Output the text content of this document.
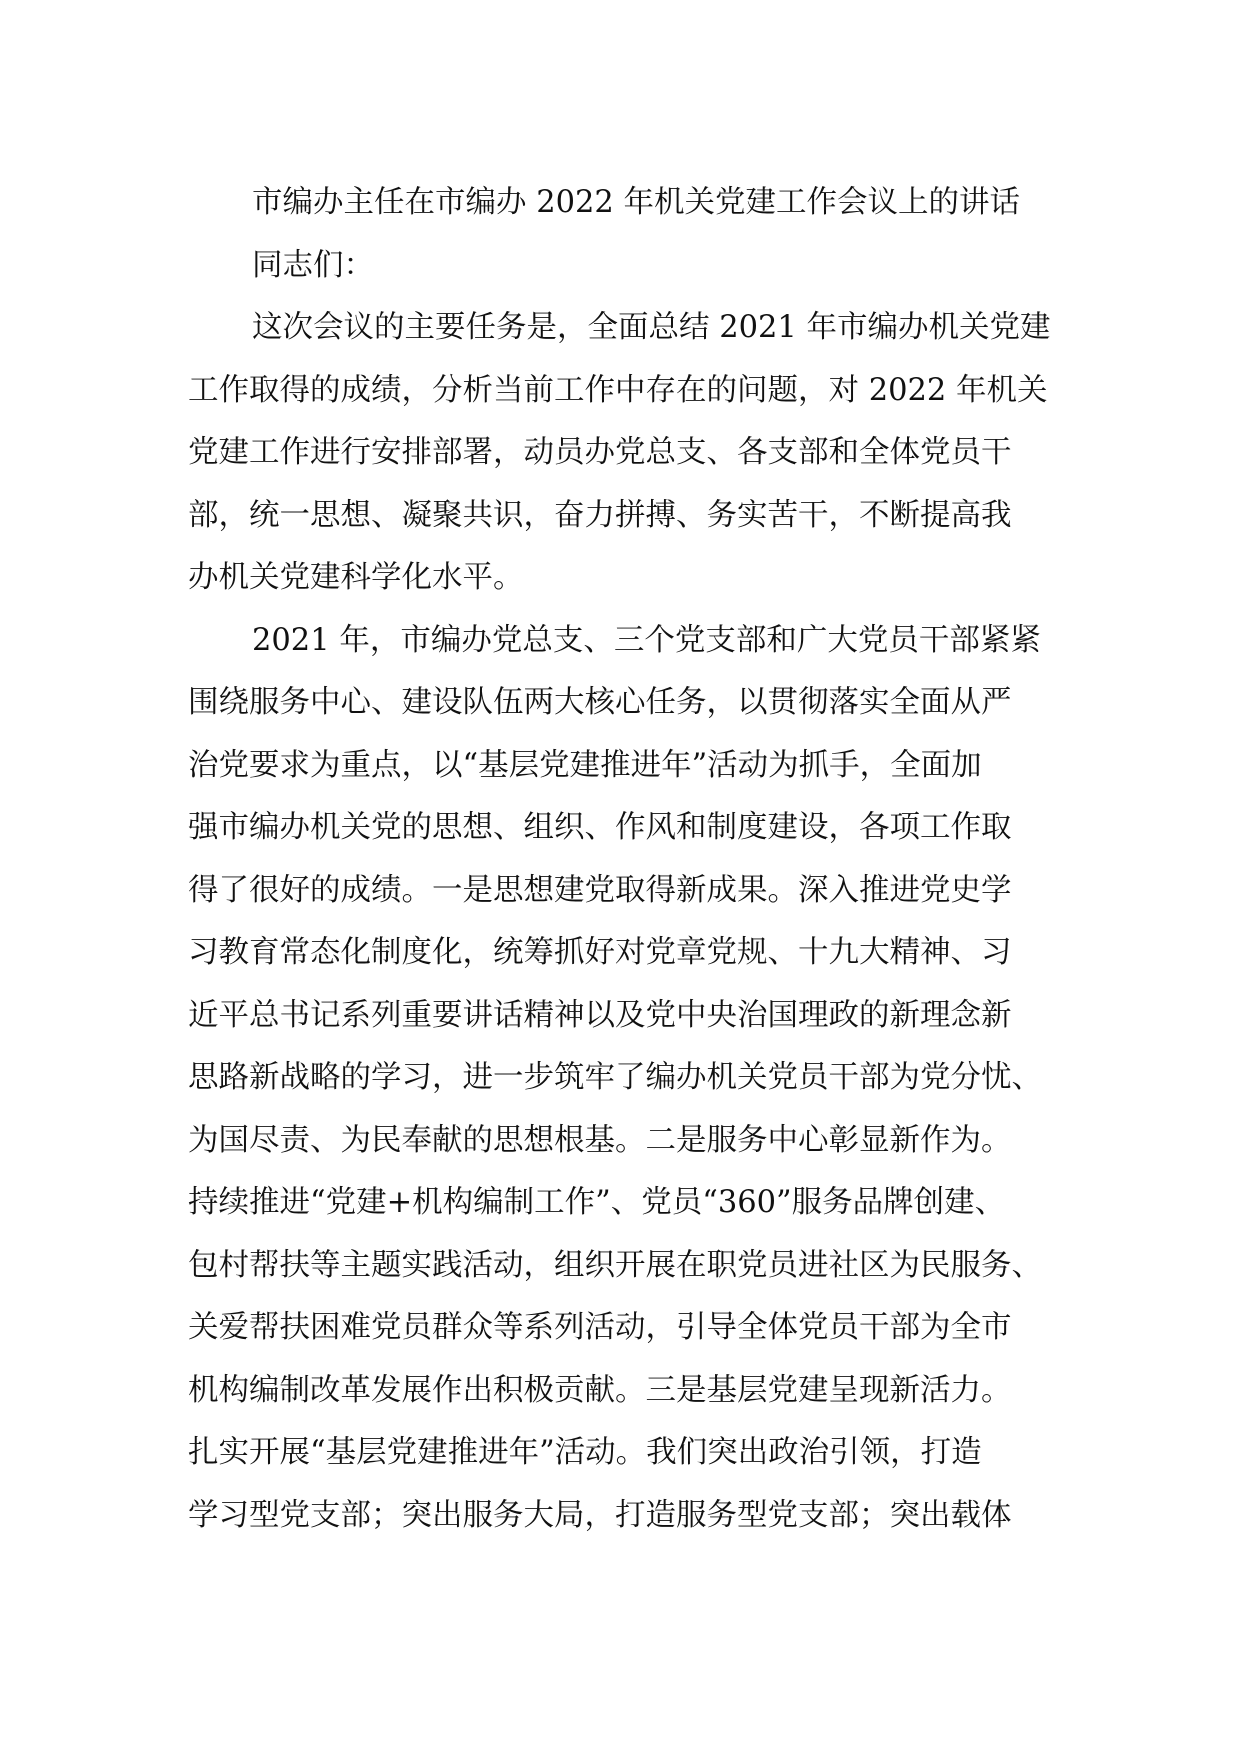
市编办主任在市编办 2022 年机关党建工作会议上的讲话
同志们：
这次会议的主要任务是，全面总结 2021 年市编办机关党建
工作取得的成绩，分析当前工作中存在的问题，对 2022 年机关
党建工作进行安排部署，动员办党总支、各支部和全体党员干
部，统一思想、凝聚共识，奋力拼搏、务实苦干，不断提高我
办机关党建科学化水平。
2021 年，市编办党总支、三个党支部和广大党员干部紧紧
围绕服务中心、建设队伍两大核心任务，以贯彻落实全面从严
治党要求为重点，以“基层党建推进年”活动为抓手，全面加
强市编办机关党的思想、组织、作风和制度建设，各项工作取
得了很好的成绩。一是思想建党取得新成果。深入推进党史学
习教育常态化制度化，统筹抓好对党章党规、十九大精神、习
近平总书记系列重要讲话精神以及党中央治国理政的新理念新
思路新战略的学习，进一步筑牢了编办机关党员干部为党分忧、
为国尽责、为民奉献的思想根基。二是服务中心彰显新作为。
持续推进“党建+机构编制工作”、党员“360”服务品牌创建、
包村帮扶等主题实践活动，组织开展在职党员进社区为民服务、
关爱帮扶困难党员群众等系列活动，引导全体党员干部为全市
机构编制改革发展作出积极贡献。三是基层党建呈现新活力。
扎实开展“基层党建推进年”活动。我们突出政治引领，打造
学习型党支部；突出服务大局，打造服务型党支部；突出载体
